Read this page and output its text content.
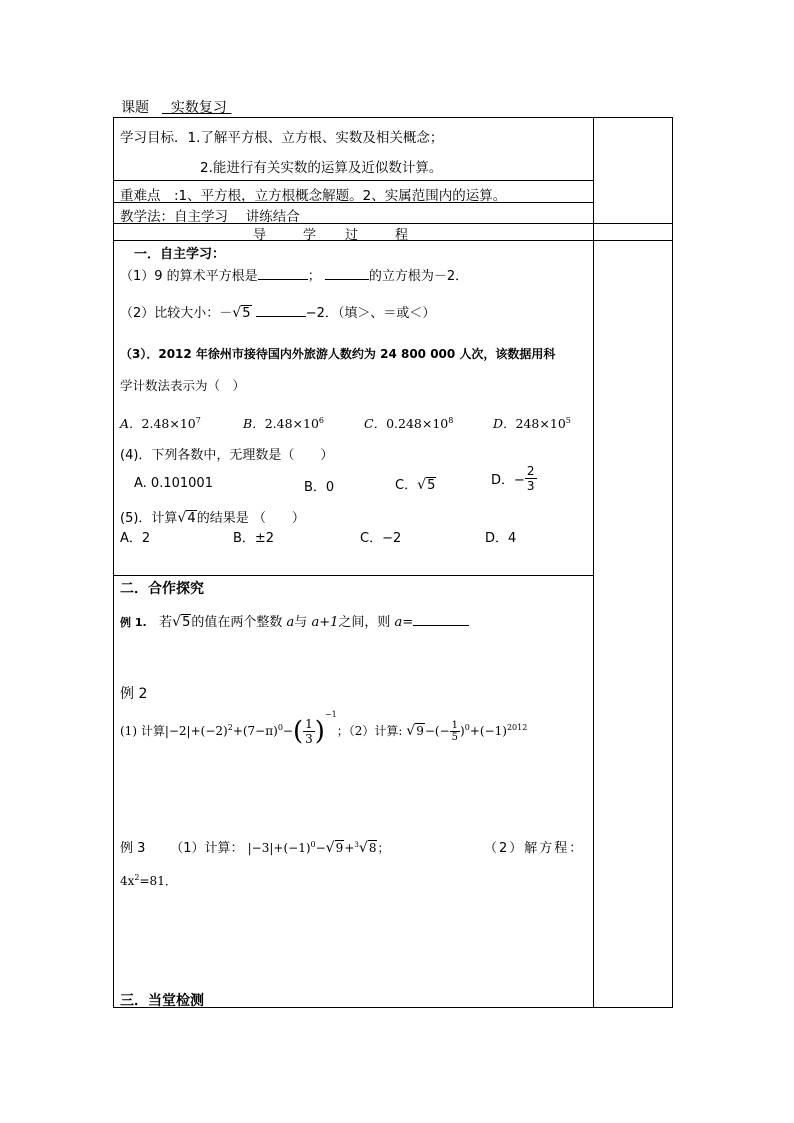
课题	实数复习
学习目标．1.了解平方根、立方根、实数及相关概念；
2.能进行有关实数的运算及近似数计算。
重难点　:1、平方根，立方根概念解题。2、实属范围内的运算。
教学法：自主学习　 讲练结合
导	学 过	程
一．自主学习：
（1）9 的算术平方根是	；	的立方根为－2．
（2）比较大小：－√ 5	−2．（填＞、＝或＜）
（3）．2012 年徐州市接待国内外旅游人数约为 24 800 000 人次，该数据用科
学计数法表示为（　）
A．$2.48\times 10^7$	B．$2.48\times 10^6$	C．$0.248\times 10^8$	D．$248\times 10^5$
(4)．下列各数中，无理数是（　　）
A. 0.101001	B．0	C．√ 5	D．− $\frac{2}{3}$
(5)．计算√ 4的结果是 （　　）
A．2	B．±2	C．−2	D．4
二．合作探究
例 1. 若√ 5的值在两个整数 a与 a+1之间，则 a=
例 2
(1) 计算$|-2|+(-2)^2+(7-\pi)^0-( \frac{1}{3} )^{-1}$；（2）计算: √ $9-(- \frac{1}{5} )^0+(-1)^{2012}$
例 3 （1）计算： $|-3|+(-1)^0-√$ 9+$^3$√ 8；	（2）解方程：
$4x^2=81$．
三．当堂检测
